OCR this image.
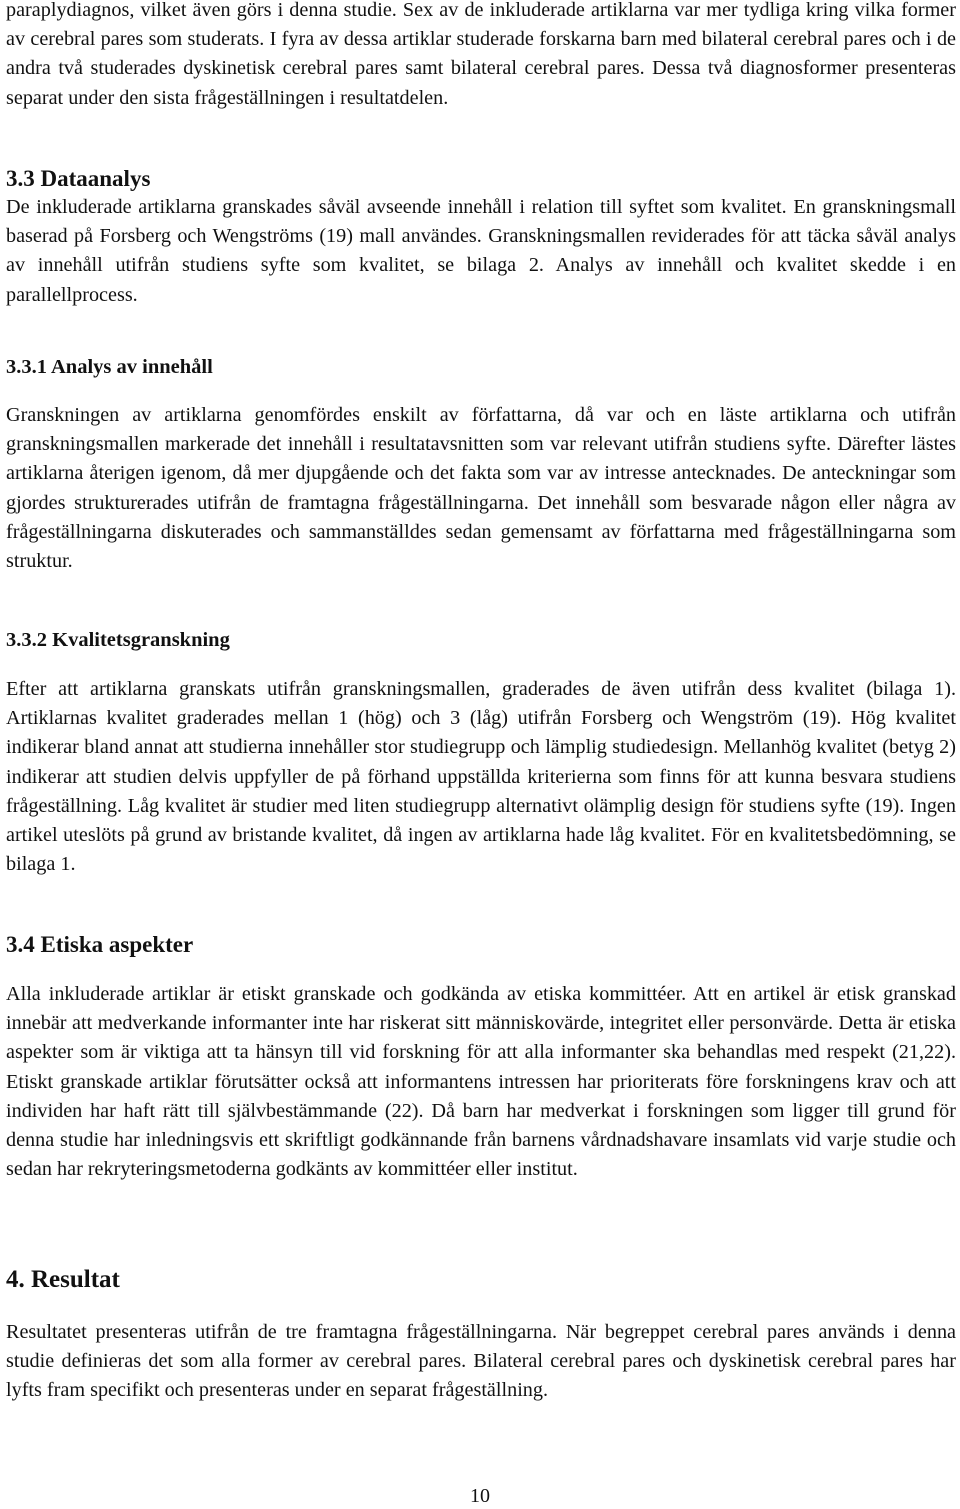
paraplydiagnos, vilket även görs i denna studie. Sex av de inkluderade artiklarna var mer tydliga kring vilka former av cerebral pares som studerats. I fyra av dessa artiklar studerade forskarna barn med bilateral cerebral pares och i de andra två studerades dyskinetisk cerebral pares samt bilateral cerebral pares. Dessa två diagnosformer presenteras separat under den sista frågeställningen i resultatdelen.

3.3 Dataanalys

De inkluderade artiklarna granskades såväl avseende innehåll i relation till syftet som kvalitet. En granskningsmall baserad på Forsberg och Wengströms (19) mall användes. Granskningsmallen reviderades för att täcka såväl analys av innehåll utifrån studiens syfte som kvalitet, se bilaga 2. Analys av innehåll och kvalitet skedde i en parallellprocess.

3.3.1 Analys av innehåll

Granskningen av artiklarna genomfördes enskilt av författarna, då var och en läste artiklarna och utifrån granskningsmallen markerade det innehåll i resultatavsnitten som var relevant utifrån studiens syfte. Därefter lästes artiklarna återigen igenom, då mer djupgående och det fakta som var av intresse antecknades. De anteckningar som gjordes strukturerades utifrån de framtagna frågeställningarna. Det innehåll som besvarade någon eller några av frågeställningarna diskuterades och sammanställdes sedan gemensamt av författarna med frågeställningarna som struktur.

3.3.2 Kvalitetsgranskning

Efter att artiklarna granskats utifrån granskningsmallen, graderades de även utifrån dess kvalitet (bilaga 1). Artiklarnas kvalitet graderades mellan 1 (hög) och 3 (låg) utifrån Forsberg och Wengström (19). Hög kvalitet indikerar bland annat att studierna innehåller stor studiegrupp och lämplig studiedesign. Mellanhög kvalitet (betyg 2) indikerar att studien delvis uppfyller de på förhand uppställda kriterierna som finns för att kunna besvara studiens frågeställning. Låg kvalitet är studier med liten studiegrupp alternativt olämplig design för studiens syfte (19). Ingen artikel uteslöts på grund av bristande kvalitet, då ingen av artiklarna hade låg kvalitet. För en kvalitetsbedömning, se bilaga 1.

3.4 Etiska aspekter

Alla inkluderade artiklar är etiskt granskade och godkända av etiska kommittéer. Att en artikel är etisk granskad innebär att medverkande informanter inte har riskerat sitt människovärde, integritet eller personvärde. Detta är etiska aspekter som är viktiga att ta hänsyn till vid forskning för att alla informanter ska behandlas med respekt (21,22). Etiskt granskade artiklar förutsätter också att informantens intressen har prioriterats före forskningens krav och att individen har haft rätt till självbestämmande (22). Då barn har medverkat i forskningen som ligger till grund för denna studie har inledningsvis ett skriftligt godkännande från barnens vårdnadshavare insamlats vid varje studie och sedan har rekryteringsmetoderna godkänts av kommittéer eller institut.

4. Resultat

Resultatet presenteras utifrån de tre framtagna frågeställningarna. När begreppet cerebral pares används i denna studie definieras det som alla former av cerebral pares. Bilateral cerebral pares och dyskinetisk cerebral pares har lyfts fram specifikt och presenteras under en separat frågeställning.

10
